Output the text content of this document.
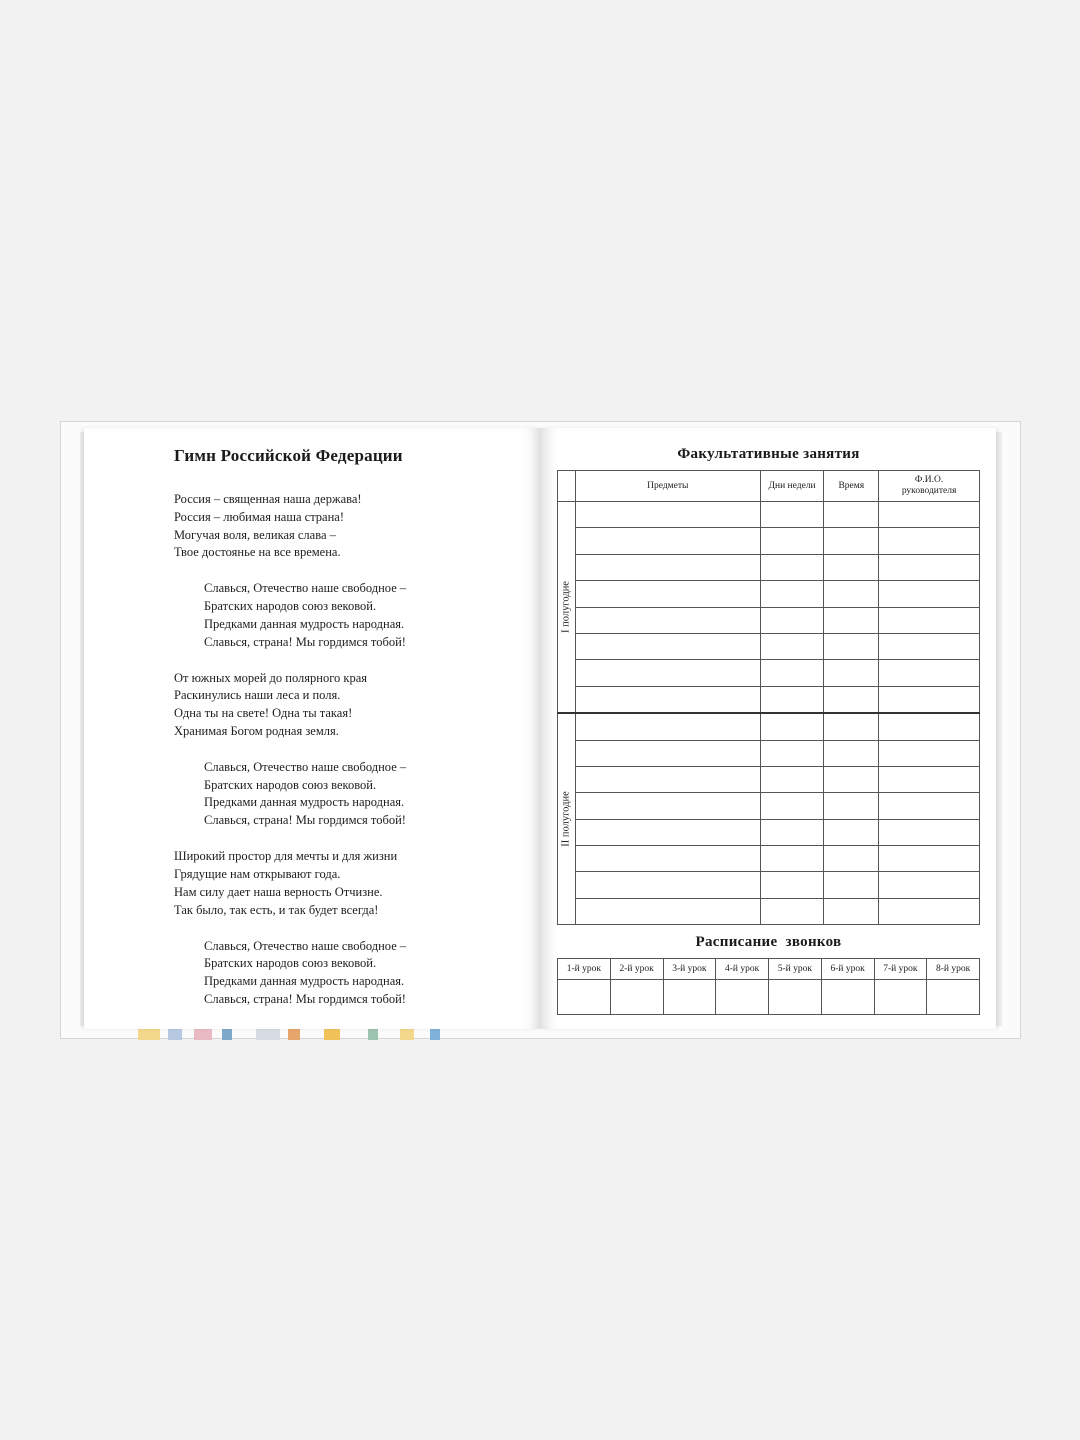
Гимн Российской Федерации
Россия – священная наша держава!
Россия – любимая наша страна!
Могучая воля, великая слава –
Твое достоянье на все времена.
Славься, Отечество наше свободное –
Братских народов союз вековой.
Предками данная мудрость народная.
Славься, страна! Мы гордимся тобой!
От южных морей до полярного края
Раскинулись наши леса и поля.
Одна ты на свете! Одна ты такая!
Хранимая Богом родная земля.
Славься, Отечество наше свободное –
Братских народов союз вековой.
Предками данная мудрость народная.
Славься, страна! Мы гордимся тобой!
Широкий простор для мечты и для жизни
Грядущие нам открывают года.
Нам силу дает наша верность Отчизне.
Так было, так есть, и так будет всегда!
Славься, Отечество наше свободное –
Братских народов союз вековой.
Предками данная мудрость народная.
Славься, страна! Мы гордимся тобой!
Факультативные занятия
	Предметы	Дни недели	Время	Ф.И.О. руководителя

I полугодие				

II полугодие				

Расписание  звонков
1-й урок	2-й урок	3-й урок	4-й урок	5-й урок	6-й урок	7-й урок	8-й урок
